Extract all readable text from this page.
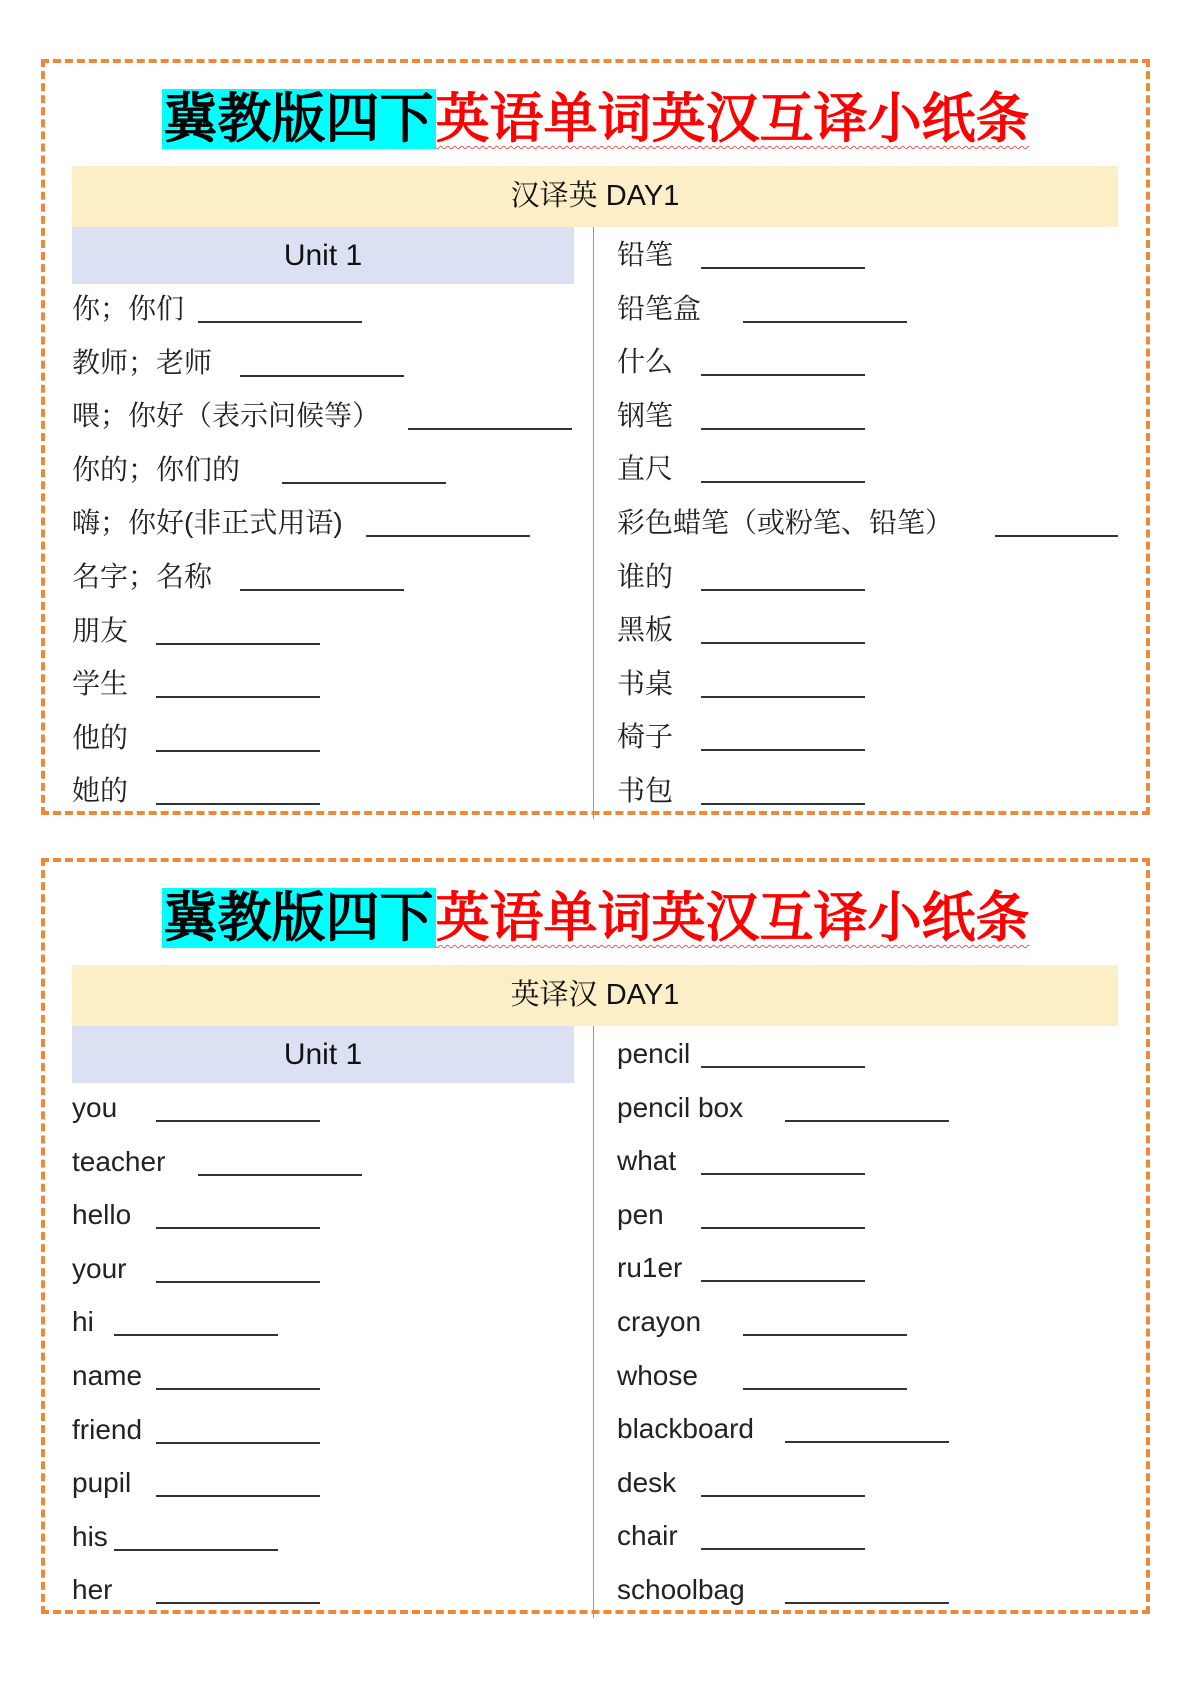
冀教版四下英语单词英汉互译小纸条
汉译英 DAY1
Unit 1
你；你们
教师；老师
喂；你好（表示问候等）
你的；你们的
嗨；你好(非正式用语)
名字；名称
朋友
学生
他的
她的
铅笔
铅笔盒
什么
钢笔
直尺
彩色蜡笔（或粉笔、铅笔）
谁的
黑板
书桌
椅子
书包
冀教版四下英语单词英汉互译小纸条
英译汉 DAY1
Unit 1
you
teacher
hello
your
hi
name
friend
pupil
his
her
pencil
pencil box
what
pen
ru1er
crayon
whose
blackboard
desk
chair
schoolbag
